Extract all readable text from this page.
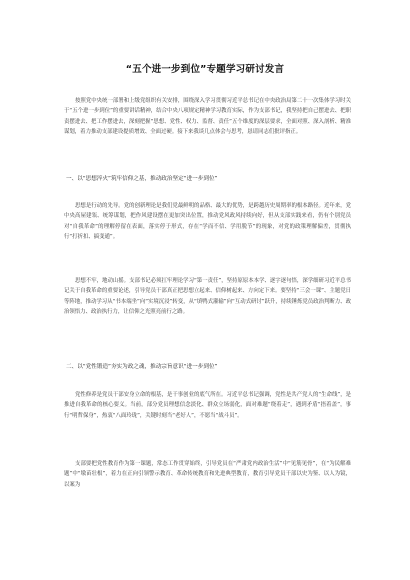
“五个进一步到位”专题学习研讨发言

按照党中央统一部署和上级党组织有关安排，围绕深入学习贯彻习近平总书记在中央政治局第二十一次集体学习时关于“五个进一步到位”的重要讲话精神，结合中央八项规定精神学习教育实际，作为支部书记，我坚持把自己摆进去、把职责摆进去、把工作摆进去，深刻把握“思想、党性、权力、监督、责任”五个维度的深层要求，全面对照、深入剖析、精准谋划，着力推动支部建设提质增效、全面过硬。接下来我谈几点体会与思考，恳请同志们批评指正。

一、以“思想淬火”筑牢信仰之基，推动政治坚定“进一步到位”

思想是行动的先导。党的创新理论是我们党最鲜明的品格、最大的优势，是跨越历史周期率的根本路径。近年来，党中央高屋建瓴、统筹谋划，把作风建设摆在更加突出位置，推动党风政风持续向好，但从支部实践来看，仍有个别党员对“自我革命”的理解停留在表面，落实停于形式，存在“学而不信、学用脱节”的现象，对党的政策理解偏差，贯彻执行“打折扣、搞变通”。

思想不牢，地动山摇。支部书记必须扛牢理论学习“第一责任”，坚持原原本本学、逐字逐句悟，深学细研习近平总书记关于自我革命的重要论述，引导党员干部真正把思想立起来、信仰树起来、方向定下来。要坚持“三会一课”、主题党日等阵地，推动学习从“书本端坐”向“实境沉浸”转变，从“填鸭式灌输”向“互动式研讨”跃升，持续锤炼党员政治判断力、政治领悟力、政治执行力，让信仰之光照亮前行之路。

二、以“党性锻造”夯实为政之魂，推动宗旨意识“进一步到位”

党性修养是党员干部安身立命的根基，是干事创业的底气所在。习近平总书记强调，党性是共产党人的“生命线”，是推进自我革命的核心要义。当前，部分党员理想信念淡化、群众立场弱化，面对难题“绕着走”，遇到矛盾“捂着盖”，事行“明哲保身”，热衷“八面玲珑”，关键时刻当“老好人”，不愿当“战斗员”。

支部要把党性教育作为第一课题，常态工作贯穿始终，引导党员在“严肃党内政治生活”中“见筋见骨”，在“为民解难题”中“墩苗壮根”，着力在正向引领警示教育、革命传统教育和先进典型教育，教育引导党员干部以史为鉴、以人为镜，以案为
